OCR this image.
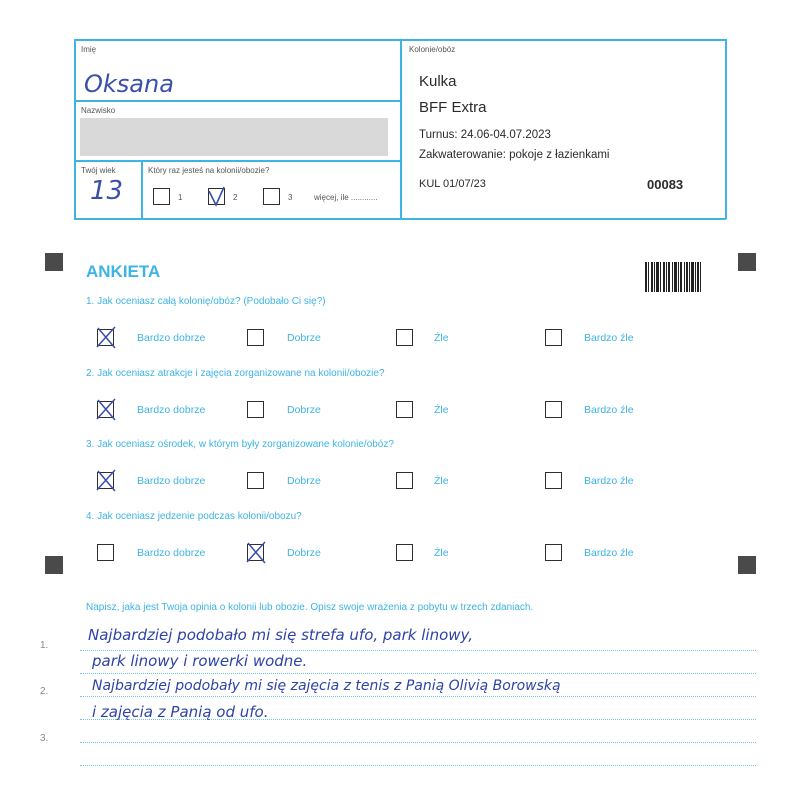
Imię
Oksana
Nazwisko
Twój wiek
13
Który raz jesteś na kolonii/obozie?
1	2	3	więcej, ile ............
Kolonie/obóz
Kulka
BFF Extra
Turnus: 24.06-04.07.2023
Zakwaterowanie: pokoje z łazienkami
KUL 01/07/23	00083
ANKIETA
1. Jak oceniasz całą kolonię/obóz? (Podobało Ci się?)
Bardzo dobrze	Dobrze	Źle	Bardzo źle
2. Jak oceniasz atrakcje i zajęcia zorganizowane na kolonii/obozie?
Bardzo dobrze	Dobrze	Źle	Bardzo źle
3. Jak oceniasz ośrodek, w którym były zorganizowane kolonie/obóz?
Bardzo dobrze	Dobrze	Źle	Bardzo źle
4. Jak oceniasz jedzenie podczas kolonii/obozu?
Bardzo dobrze	Dobrze	Źle	Bardzo źle
Napisz, jaka jest Twoja opinia o kolonii lub obozie. Opisz swoje wrażenia z pobytu w trzech zdaniach.
1.
2.
3.
Najbardziej podobało mi się strefa ufo, park linowy,
park linowy i rowerki wodne.
Najbardziej podobały mi się zajęcia z tenis z Panią Olivią Borowską
i zajęcia z Panią od ufo.
